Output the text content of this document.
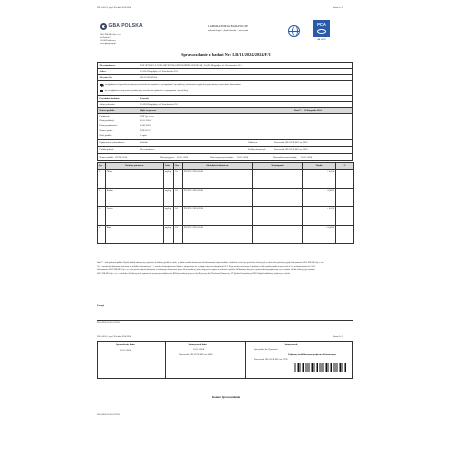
FSL-0-05-01, wyd. 38 z dnia 28.08.2024	Strona 1 z 2
GBA POLSKA
GBA POLSKA Sp. z o.o.
ul. Kotsisa 8
55-040 Kobierzyce
www.gba-group.pl
LABORATORIA BADAWCZE
mikrobiologia – fizykochemia – sensoryka
PCA
AB 1095
Sprawozdanie z badań Nr: LB/11/2024/2024/F/1
Zleceniodawca:	NAT SPÓŁKA Z OGRANICZONĄ ODPOWIEDZIALNOŚCIĄ, 55-095 Długołęka, ul. Wrocławska 33/1
Adres:	55-095 Długołęka, ul. Wrocławska 33/1
Zlecenie Nr:	LB/11/2024/2024
uwzględniono niepewność pomiaru przy stwierdzeniu zgodności z wymaganiami / specyfikacją, zastosowano regułę decyzyjną opisaną w procedurze laboratorium
nie uwzględniono niepewności pomiaru przy stwierdzeniu zgodności z wymaganiami / specyfikacją
Przedmiot badania:	Żywność
Adres pobrania:	55-095 Długołęka, ul. Wrocławska 33/1
Nazwa próbki:	Bijki wieprzowe	Data**: 18 listopada 2024
Producent:	NAT Sp. z o.o.
Data produkcji:	05.11.2024
Data przydatności:	14.05.2025
Numer partii:	NAT/05/11
Ilość próbki:	1 opak.
Opakowanie jednostkowe:	Pudełko	Odbiorca:	Pracownik GBA POLSKA nr 2032
Próbkę pobrał:	Zleceniodawca	Próbkę dostarczył:	Pracownik GBA POLSKA nr 2032
Numer próbki: 32278/11/24	Data przyjęcia: 20-11-2024	Data rozpoczęcia badań: 20-11-2024	Data zakończenia badań: 26-11-2024
Lp.	Badany parametr	Jedn.	Akr.	Metodyka badania nr	Wymagania	Wynik	U
1.	Ołów	mg/kg	AS	PN-EN 17053:2018		< 0,010	
2.	Kadm	mg/kg	AS	PN-EN 17053:2018		0,0032	
3.	Arsen	mg/kg	AS	PN-EN 17053:2018		< 0,010	
4.	Rtęć	mg/kg	AS	PN-EN 17053:2018		< 0,0050	
Data** – data pobrania próbki. Wyniki badań odnoszą się wyłącznie do badanej próbki w stanie, w jakim została dostarczona do laboratorium. Sprawozdanie z badań nie może być powielane inaczej jak w całości bez pisemnej zgody Laboratorium GBA POLSKA Sp. z o.o.
AS – metoda akredytowana stosowana w siedzibie laboratorium; * – metoda nieakredytowana. Opinie i interpretacje nie są objęte zakresem akredytacji PCA. Niepewność rozszerzona U podana jest dla współczynnika rozszerzenia k=2 i poziomu ufności ok. 95%.
Laboratorium GBA POLSKA Sp. z o.o. nie ponosi odpowiedzialności za informacje dostarczone przez Zleceniodawcę, które mogą mieć wpływ na ważność wyników. Reklamacje dotyczące sprawozdania przyjmowane są w terminie 14 dni od daty jego wydania.
GBA POLSKA Sp. z o.o. z siedzibą w Kobierzycach, wpisana do rejestru przedsiębiorców KRS prowadzonego przez Sąd Rejonowy dla Wrocławia-Fabrycznej, VI Wydział Gospodarczy KRS. Kapitał zakładowy wpłacony w całości.
Uwagi:
LB-5-SB-F-05-01-07/2024
FSL-0-05-01, wyd. 38 z dnia 28.08.2024	Strona 2 z 2
Sprawdzenie dnia:
26-11-2024
Autoryzował dnia:
26-11-2024
Pracownik GBA POLSKA nr 2086
Autoryzował:
Specjalista ds. Żywności
Podpisany kwalifikowanym podpisem elektronicznym
Pracownik GBA POLSKA nr 2796
Koniec Sprawozdania
LB-5-SB-F-05-01-07/2024
